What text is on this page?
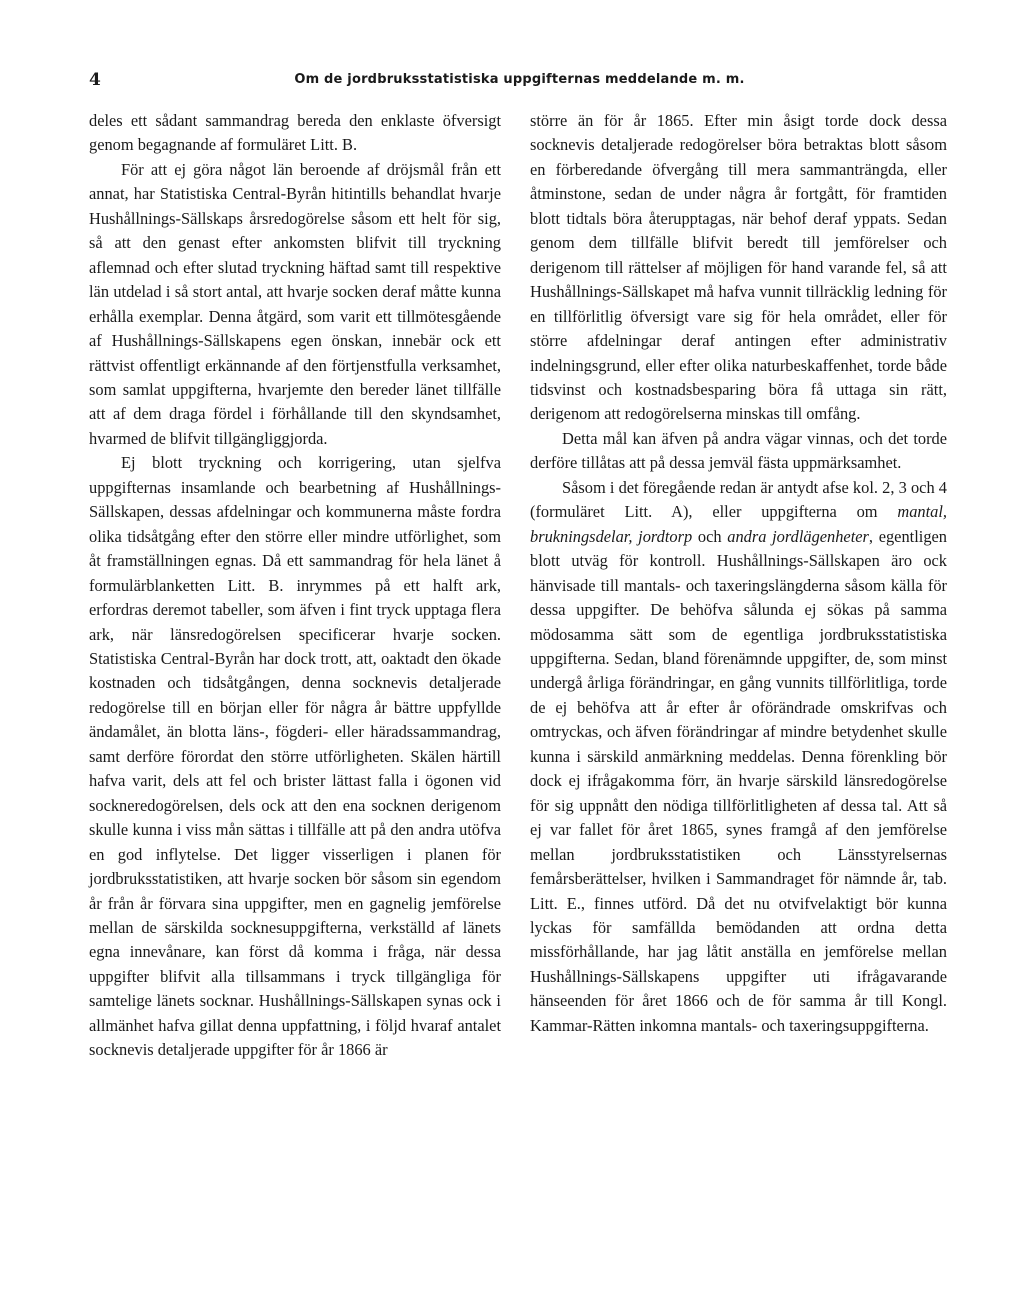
4	Om de jordbruksstatistiska uppgifternas meddelande m. m.

deles ett sådant sammandrag bereda den enklaste öfversigt genom begagnande af formuläret Litt. B.

För att ej göra något län beroende af dröjsmål från ett annat, har Statistiska Central-Byrån hitintills behandlat hvarje Hushållnings-Sällskaps årsredogörelse såsom ett helt för sig, så att den genast efter ankomsten blifvit till tryckning aflemnad och efter slutad tryckning häftad samt till respektive län utdelad i så stort antal, att hvarje socken deraf måtte kunna erhålla exemplar. Denna åtgärd, som varit ett tillmötesgående af Hushållnings-Sällskapens egen önskan, innebär ock ett rättvist offentligt erkännande af den förtjenstfulla verksamhet, som samlat uppgifterna, hvarjemte den bereder länet tillfälle att af dem draga fördel i förhållande till den skyndsamhet, hvarmed de blifvit tillgängliggjorda.

Ej blott tryckning och korrigering, utan sjelfva uppgifternas insamlande och bearbetning af Hushållnings-Sällskapen, dessas afdelningar och kommunerna måste fordra olika tidsåtgång efter den större eller mindre utförlighet, som åt framställningen egnas. Då ett sammandrag för hela länet å formulärblanketten Litt. B. inrymmes på ett halft ark, erfordras deremot tabeller, som äfven i fint tryck upptaga flera ark, när länsredogörelsen specificerar hvarje socken. Statistiska Central-Byrån har dock trott, att, oaktadt den ökade kostnaden och tidsåtgången, denna socknevis detaljerade redogörelse till en början eller för några år bättre uppfyllde ändamålet, än blotta läns-, fögderi- eller häradssammandrag, samt derföre förordat den större utförligheten. Skälen härtill hafva varit, dels att fel och brister lättast falla i ögonen vid sockneredogörelsen, dels ock att den ena socknen derigenom skulle kunna i viss mån sättas i tillfälle att på den andra utöfva en god inflytelse. Det ligger visserligen i planen för jordbruksstatistiken, att hvarje socken bör såsom sin egendom år från år förvara sina uppgifter, men en gagnelig jemförelse mellan de särskilda socknesuppgifterna, verkställd af länets egna innevånare, kan först då komma i fråga, när dessa uppgifter blifvit alla tillsammans i tryck tillgängliga för samtelige länets socknar. Hushållnings-Sällskapen synas ock i allmänhet hafva gillat denna uppfattning, i följd hvaraf antalet socknevis detaljerade uppgifter för år 1866 är

större än för år 1865. Efter min åsigt torde dock dessa socknevis detaljerade redogörelser böra betraktas blott såsom en förberedande öfvergång till mera sammanträngda, eller åtminstone, sedan de under några år fortgått, för framtiden blott tidtals böra återupptagas, när behof deraf yppats. Sedan genom dem tillfälle blifvit beredt till jemförelser och derigenom till rättelser af möjligen för hand varande fel, så att Hushållnings-Sällskapet må hafva vunnit tillräcklig ledning för en tillförlitlig öfversigt vare sig för hela området, eller för större afdelningar deraf antingen efter administrativ indelningsgrund, eller efter olika naturbeskaffenhet, torde både tidsvinst och kostnadsbesparing böra få uttaga sin rätt, derigenom att redogörelserna minskas till omfång.

Detta mål kan äfven på andra vägar vinnas, och det torde derföre tillåtas att på dessa jemväl fästa uppmärksamhet.

Såsom i det föregående redan är antydt afse kol. 2, 3 och 4 (formuläret Litt. A), eller uppgifterna om mantal, brukningsdelar, jordtorp och andra jordlägenheter, egentligen blott utväg för kontroll. Hushållnings-Sällskapen äro ock hänvisade till mantals- och taxeringslängderna såsom källa för dessa uppgifter. De behöfva sålunda ej sökas på samma mödosamma sätt som de egentliga jordbruksstatistiska uppgifterna. Sedan, bland förenämnde uppgifter, de, som minst undergå årliga förändringar, en gång vunnits tillförlitliga, torde de ej behöfva att år efter år oförändrade omskrifvas och omtryckas, och äfven förändringar af mindre betydenhet skulle kunna i särskild anmärkning meddelas. Denna förenkling bör dock ej ifrågakomma förr, än hvarje särskild länsredogörelse för sig uppnått den nödiga tillförlitligheten af dessa tal. Att så ej var fallet för året 1865, synes framgå af den jemförelse mellan jordbruksstatistiken och Länsstyrelsernas femårsberättelser, hvilken i Sammandraget för nämnde år, tab. Litt. E., finnes utförd. Då det nu otvifvelaktigt bör kunna lyckas för samfällda bemödanden att ordna detta missförhållande, har jag låtit anställa en jemförelse mellan Hushållnings-Sällskapens uppgifter uti ifrågavarande hänseenden för året 1866 och de för samma år till Kongl. Kammar-Rätten inkomna mantals- och taxeringsuppgifterna.
